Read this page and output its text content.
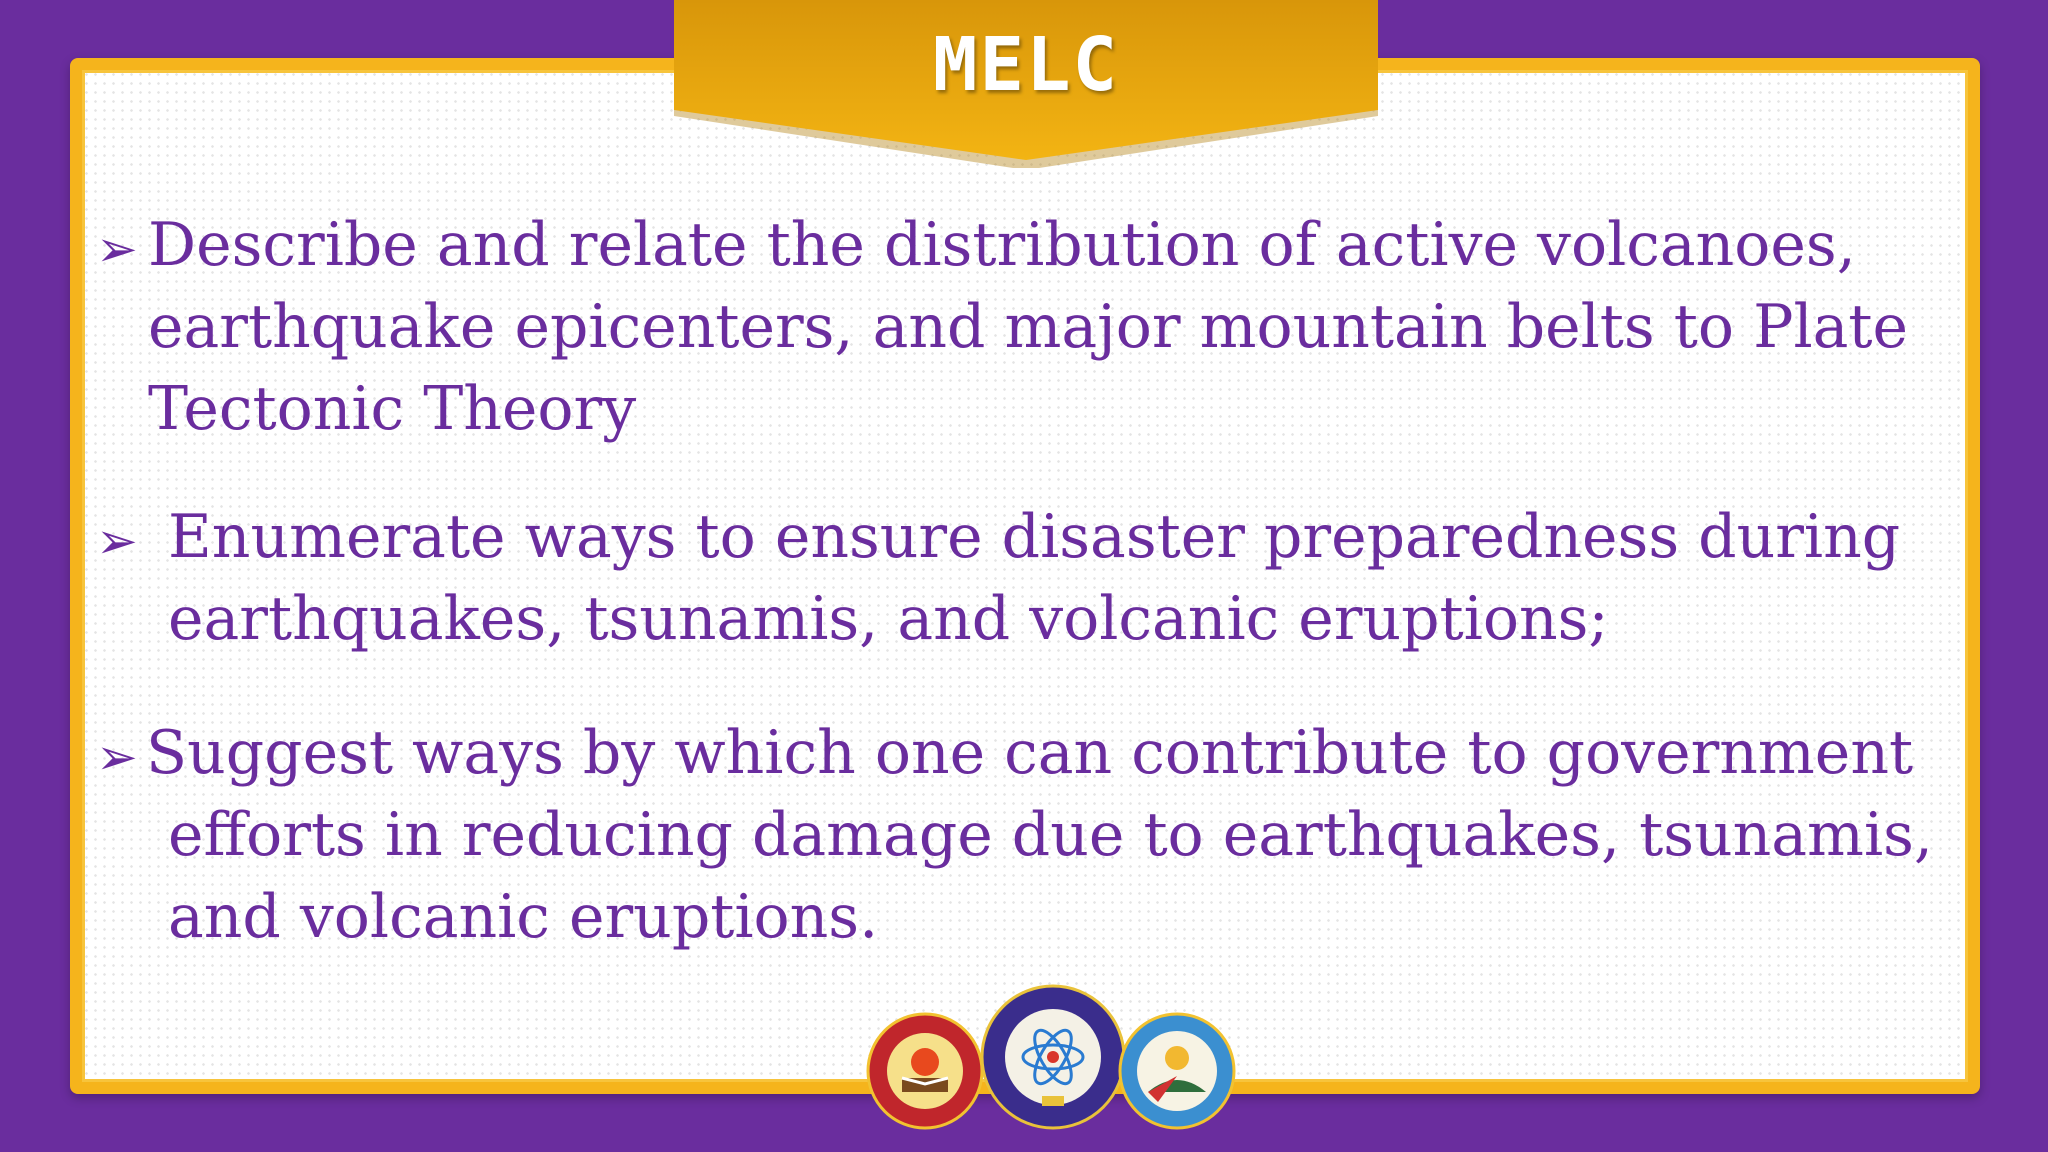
MELC
➢ Describe and relate the distribution of active volcanoes,
earthquake epicenters, and major mountain belts to Plate
Tectonic Theory
➢ Enumerate ways to ensure disaster preparedness during
earthquakes, tsunamis, and volcanic eruptions;
➢ Suggest ways by which one can contribute to government
efforts in reducing damage due to earthquakes, tsunamis,
and volcanic eruptions.
